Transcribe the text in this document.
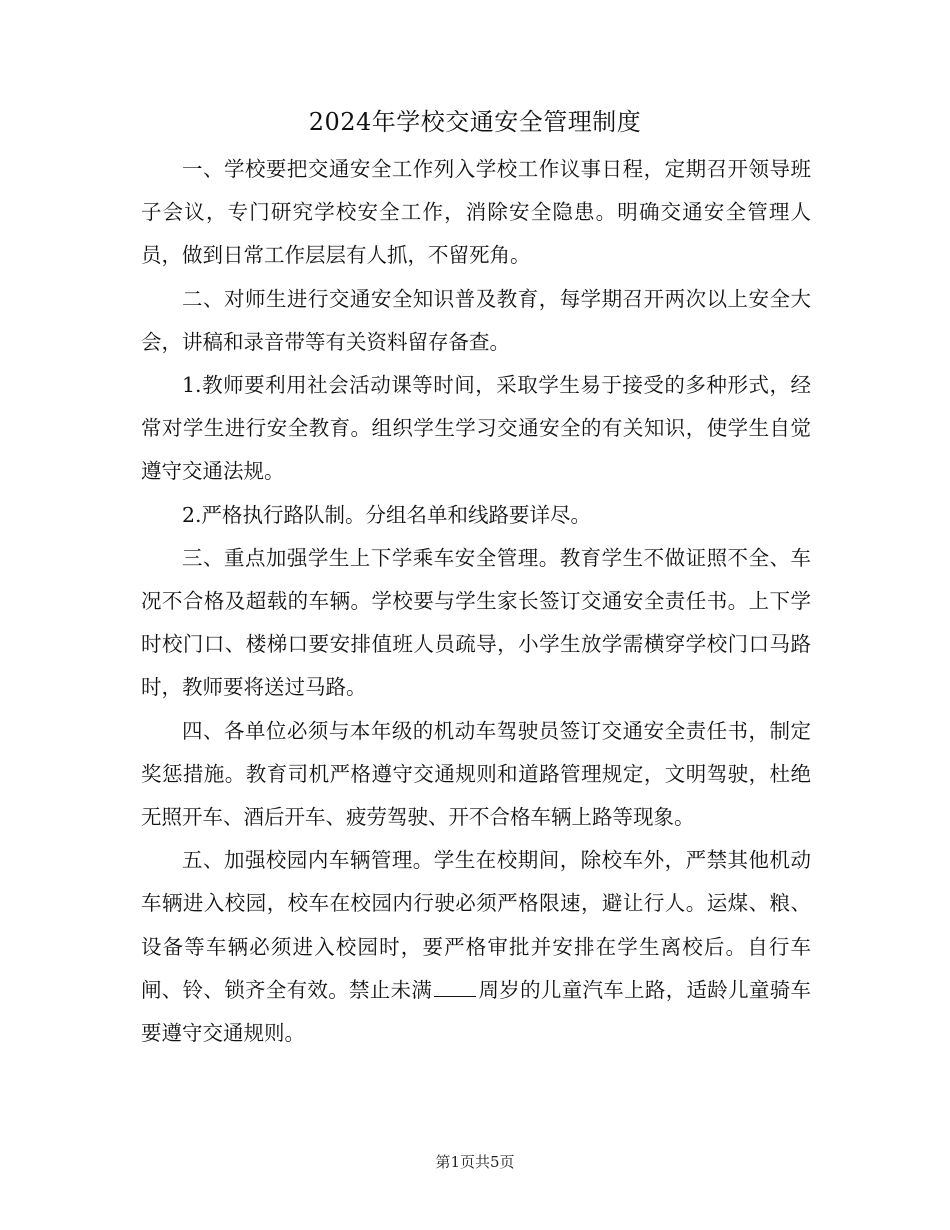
2024年学校交通安全管理制度

一、学校要把交通安全工作列入学校工作议事日程，定期召开领导班子会议，专门研究学校安全工作，消除安全隐患。明确交通安全管理人员，做到日常工作层层有人抓，不留死角。

二、对师生进行交通安全知识普及教育，每学期召开两次以上安全大会，讲稿和录音带等有关资料留存备查。

1.教师要利用社会活动课等时间，采取学生易于接受的多种形式，经常对学生进行安全教育。组织学生学习交通安全的有关知识，使学生自觉遵守交通法规。

2.严格执行路队制。分组名单和线路要详尽。

三、重点加强学生上下学乘车安全管理。教育学生不做证照不全、车况不合格及超载的车辆。学校要与学生家长签订交通安全责任书。上下学时校门口、楼梯口要安排值班人员疏导，小学生放学需横穿学校门口马路时，教师要将送过马路。

四、各单位必须与本年级的机动车驾驶员签订交通安全责任书，制定奖惩措施。教育司机严格遵守交通规则和道路管理规定，文明驾驶，杜绝无照开车、酒后开车、疲劳驾驶、开不合格车辆上路等现象。

五、加强校园内车辆管理。学生在校期间，除校车外，严禁其他机动车辆进入校园，校车在校园内行驶必须严格限速，避让行人。运煤、粮、设备等车辆必须进入校园时，要严格审批并安排在学生离校后。自行车闸、铃、锁齐全有效。禁止未满 周岁的儿童汽车上路，适龄儿童骑车要遵守交通规则。

第1页共5页
